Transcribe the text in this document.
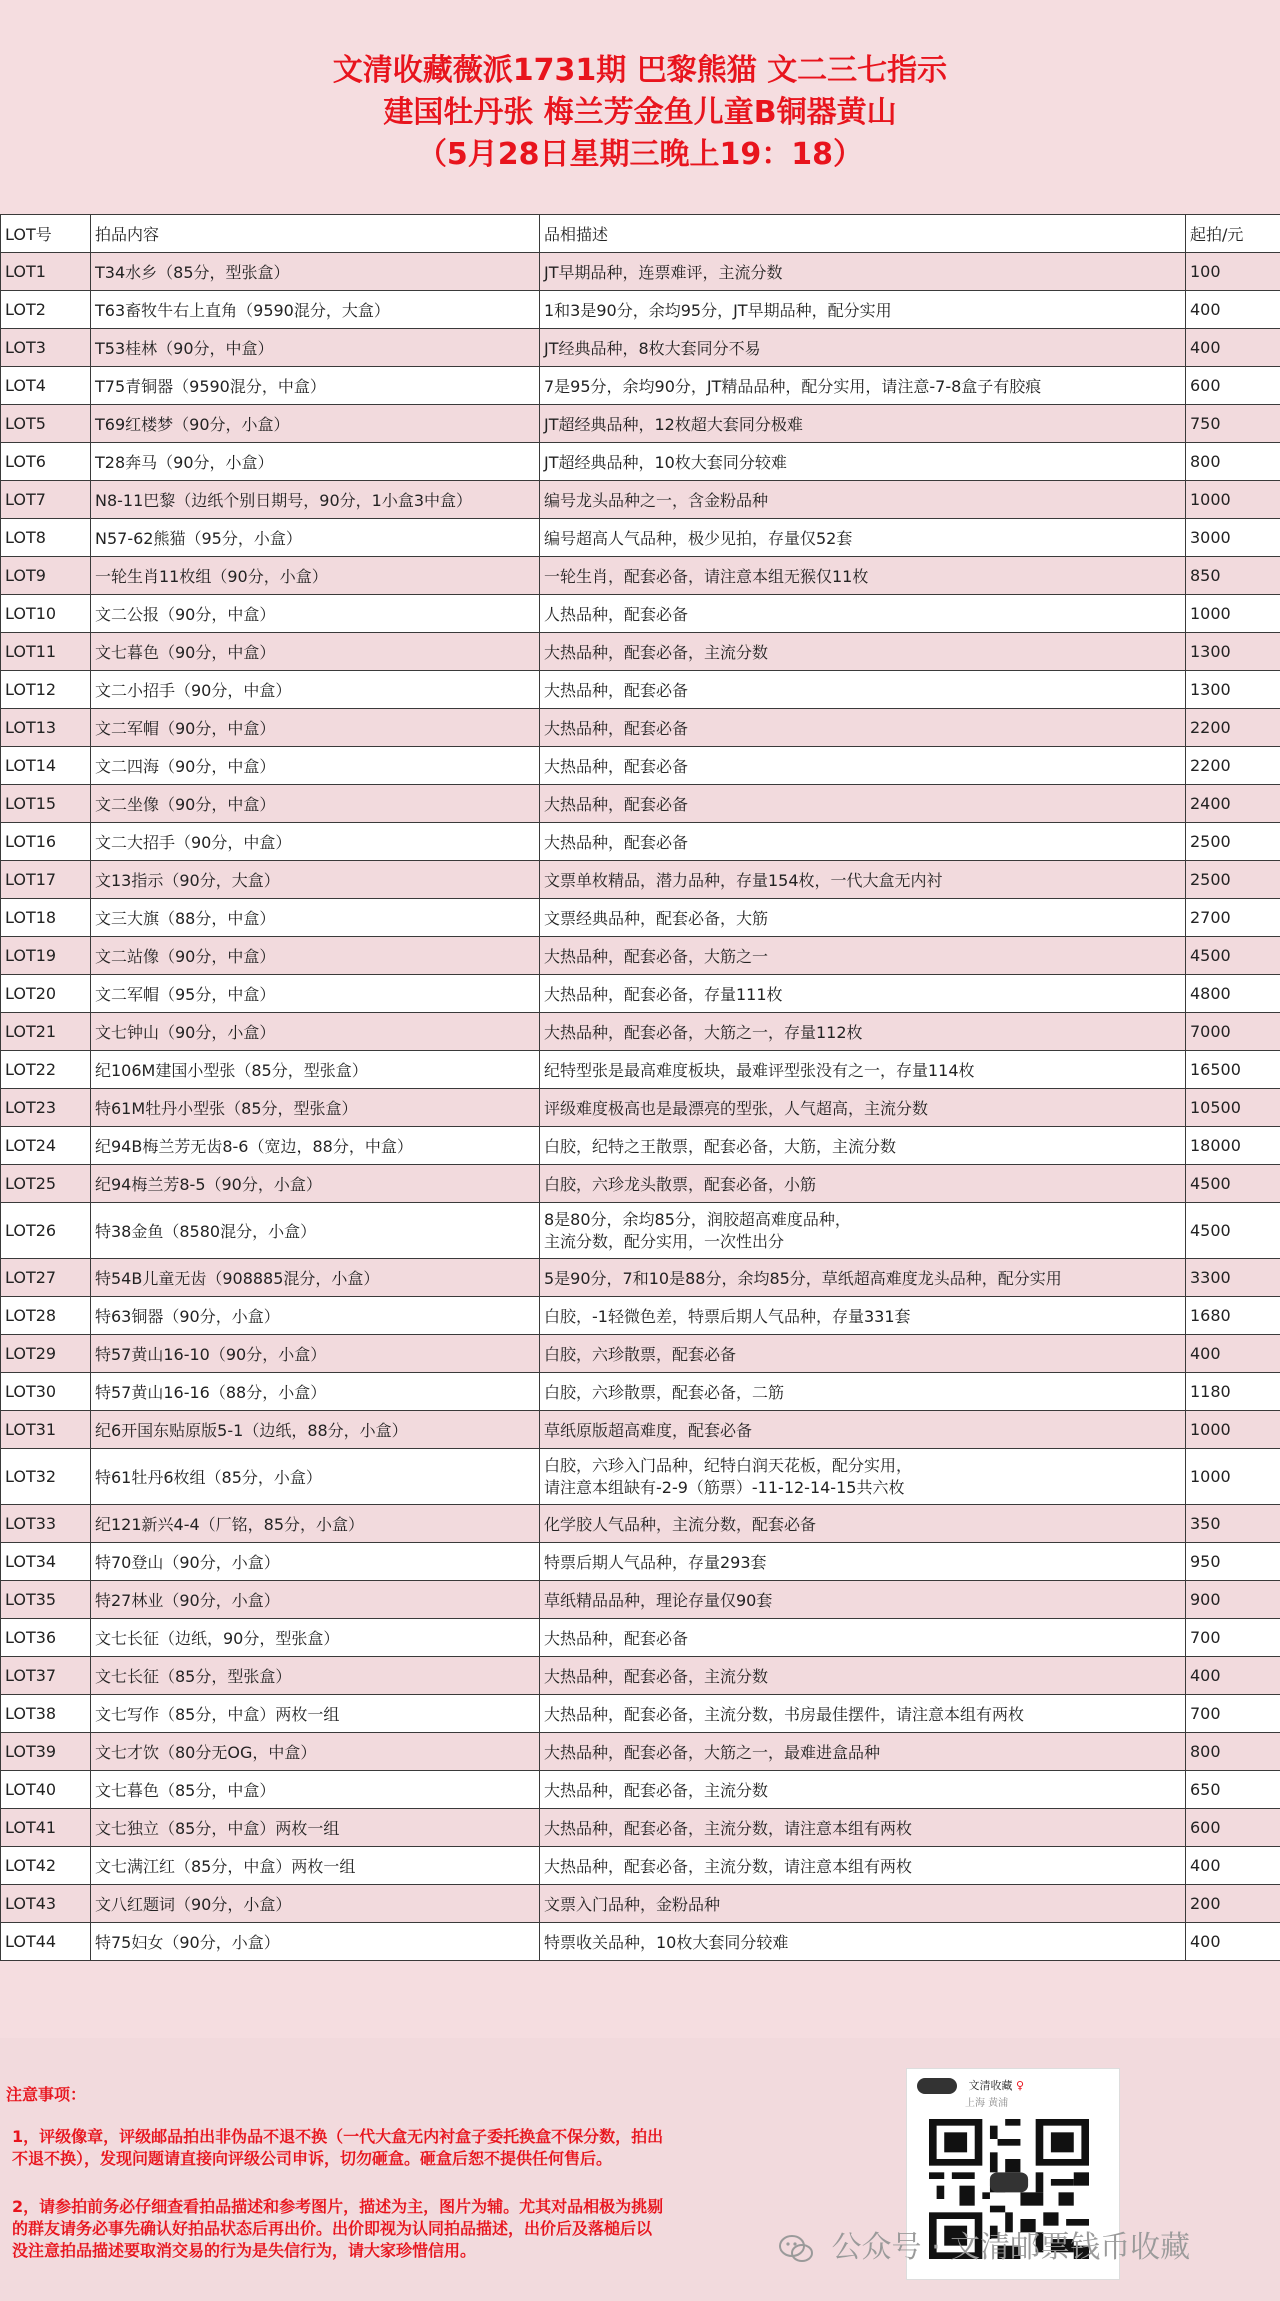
文清收藏薇派1731期 巴黎熊猫 文二三七指示
建国牡丹张 梅兰芳金鱼儿童B铜器黄山
（5月28日星期三晚上19：18）
LOT号	拍品内容	品相描述	起拍/元
LOT1	T34水乡（85分，型张盒）	JT早期品种，连票难评，主流分数	100
LOT2	T63畜牧牛右上直角（9590混分，大盒）	1和3是90分，余均95分，JT早期品种，配分实用	400
LOT3	T53桂林（90分，中盒）	JT经典品种，8枚大套同分不易	400
LOT4	T75青铜器（9590混分，中盒）	7是95分，余均90分，JT精品品种，配分实用，请注意-7-8盒子有胶痕	600
LOT5	T69红楼梦（90分，小盒）	JT超经典品种，12枚超大套同分极难	750
LOT6	T28奔马（90分，小盒）	JT超经典品种，10枚大套同分较难	800
LOT7	N8-11巴黎（边纸个别日期号，90分，1小盒3中盒）	编号龙头品种之一，含金粉品种	1000
LOT8	N57-62熊猫（95分，小盒）	编号超高人气品种，极少见拍，存量仅52套	3000
LOT9	一轮生肖11枚组（90分，小盒）	一轮生肖，配套必备，请注意本组无猴仅11枚	850
LOT10	文二公报（90分，中盒）	人热品种，配套必备	1000
LOT11	文七暮色（90分，中盒）	大热品种，配套必备，主流分数	1300
LOT12	文二小招手（90分，中盒）	大热品种，配套必备	1300
LOT13	文二军帽（90分，中盒）	大热品种，配套必备	2200
LOT14	文二四海（90分，中盒）	大热品种，配套必备	2200
LOT15	文二坐像（90分，中盒）	大热品种，配套必备	2400
LOT16	文二大招手（90分，中盒）	大热品种，配套必备	2500
LOT17	文13指示（90分，大盒）	文票单枚精品，潜力品种，存量154枚，一代大盒无内衬	2500
LOT18	文三大旗（88分，中盒）	文票经典品种，配套必备，大筋	2700
LOT19	文二站像（90分，中盒）	大热品种，配套必备，大筋之一	4500
LOT20	文二军帽（95分，中盒）	大热品种，配套必备，存量111枚	4800
LOT21	文七钟山（90分，小盒）	大热品种，配套必备，大筋之一，存量112枚	7000
LOT22	纪106M建国小型张（85分，型张盒）	纪特型张是最高难度板块，最难评型张没有之一，存量114枚	16500
LOT23	特61M牡丹小型张（85分，型张盒）	评级难度极高也是最漂亮的型张，人气超高，主流分数	10500
LOT24	纪94B梅兰芳无齿8-6（宽边，88分，中盒）	白胶，纪特之王散票，配套必备，大筋，主流分数	18000
LOT25	纪94梅兰芳8-5（90分，小盒）	白胶，六珍龙头散票，配套必备，小筋	4500
LOT26	特38金鱼（8580混分，小盒）	8是80分，余均85分，润胶超高难度品种，
主流分数，配分实用，一次性出分	4500
LOT27	特54B儿童无齿（908885混分，小盒）	5是90分，7和10是88分，余均85分，草纸超高难度龙头品种，配分实用	3300
LOT28	特63铜器（90分，小盒）	白胶，-1轻微色差，特票后期人气品种，存量331套	1680
LOT29	特57黄山16-10（90分，小盒）	白胶，六珍散票，配套必备	400
LOT30	特57黄山16-16（88分，小盒）	白胶，六珍散票，配套必备，二筋	1180
LOT31	纪6开国东贴原版5-1（边纸，88分，小盒）	草纸原版超高难度，配套必备	1000
LOT32	特61牡丹6枚组（85分，小盒）	白胶，六珍入门品种，纪特白润天花板，配分实用，
请注意本组缺有-2-9（筋票）-11-12-14-15共六枚	1000
LOT33	纪121新兴4-4（厂铭，85分，小盒）	化学胶人气品种，主流分数，配套必备	350
LOT34	特70登山（90分，小盒）	特票后期人气品种，存量293套	950
LOT35	特27林业（90分，小盒）	草纸精品品种，理论存量仅90套	900
LOT36	文七长征（边纸，90分，型张盒）	大热品种，配套必备	700
LOT37	文七长征（85分，型张盒）	大热品种，配套必备，主流分数	400
LOT38	文七写作（85分，中盒）两枚一组	大热品种，配套必备，主流分数，书房最佳摆件，请注意本组有两枚	700
LOT39	文七才饮（80分无OG，中盒）	大热品种，配套必备，大筋之一，最难进盒品种	800
LOT40	文七暮色（85分，中盒）	大热品种，配套必备，主流分数	650
LOT41	文七独立（85分，中盒）两枚一组	大热品种，配套必备，主流分数，请注意本组有两枚	600
LOT42	文七满江红（85分，中盒）两枚一组	大热品种，配套必备，主流分数，请注意本组有两枚	400
LOT43	文八红题词（90分，小盒）	文票入门品种，金粉品种	200
LOT44	特75妇女（90分，小盒）	特票收关品种，10枚大套同分较难	400
注意事项：
1，评级像章，评级邮品拍出非伪品不退不换（一代大盒无内衬盒子委托换盒不保分数，拍出
不退不换），发现问题请直接向评级公司申诉，切勿砸盒。砸盒后恕不提供任何售后。
2，请参拍前务必仔细查看拍品描述和参考图片，描述为主，图片为辅。尤其对品相极为挑剔
的群友请务必事先确认好拍品状态后再出价。出价即视为认同拍品描述，出价后及落槌后以
没注意拍品描述要取消交易的行为是失信行为，请大家珍惜信用。
文清收藏 ♀
上海 黄浦
公众号 · 文清邮票钱币收藏
